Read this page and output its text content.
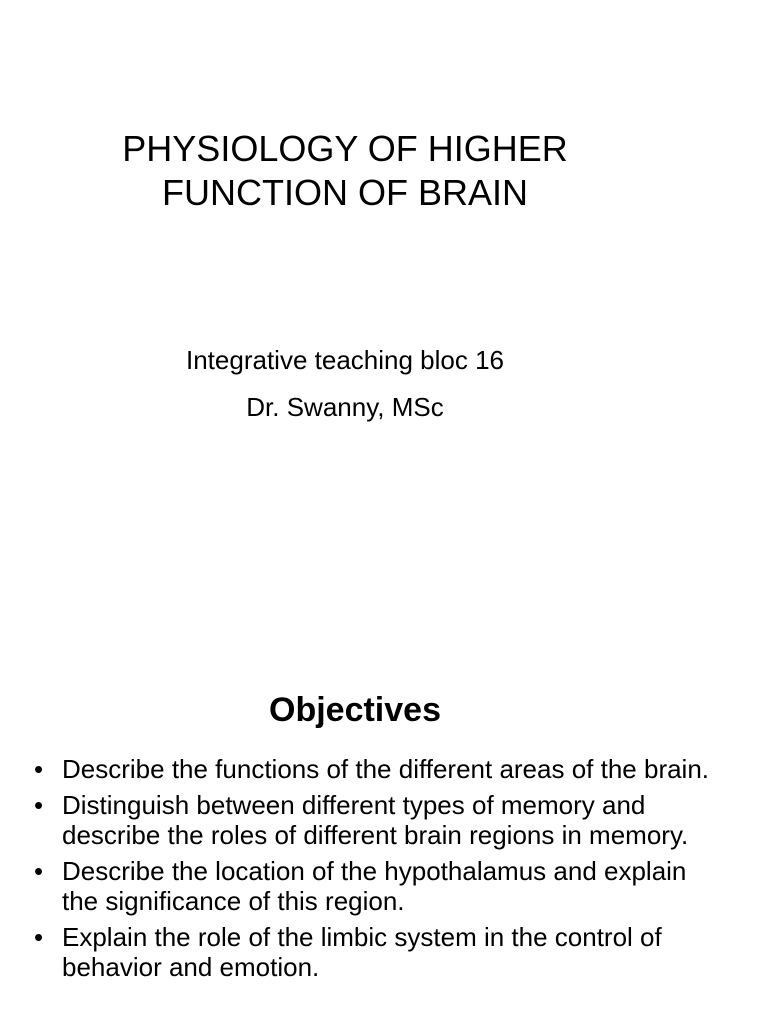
PHYSIOLOGY OF HIGHER
FUNCTION OF BRAIN

Integrative teaching bloc 16

Dr. Swanny, MSc

Objectives
• Describe the functions of the different areas of the brain.
• Distinguish between different types of memory and describe the roles of different brain regions in memory.
• Describe the location of the hypothalamus and explain the significance of this region.
• Explain the role of the limbic system in the control of behavior and emotion.
